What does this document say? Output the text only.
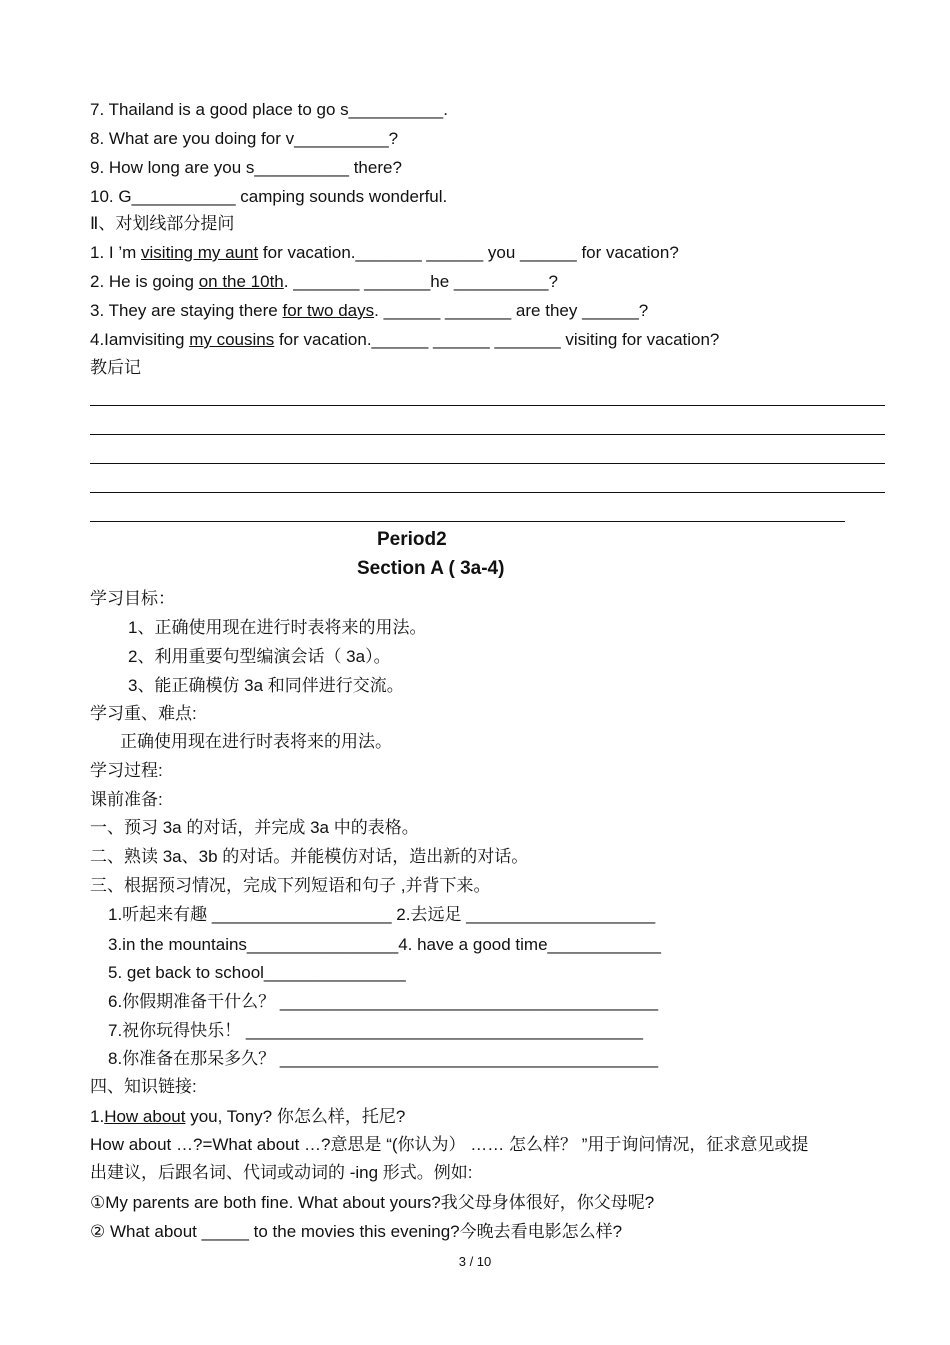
7. Thailand is a good place to go s__________.
8. What are you doing for v__________?
9. How long are you s__________ there?
10. G___________ camping sounds wonderful.
Ⅱ、对划线部分提问
1. I ’m visiting my aunt for vacation._______ ______ you ______ for vacation?
2. He is going on the 10th. _______ _______he __________?
3. They are staying there for two days. ______ _______ are they ______?
4.Iamvisiting my cousins for vacation.______ ______ _______ visiting for vacation?
教后记
Period2
Section A ( 3a-4)
学习目标：
1、正确使用现在进行时表将来的用法。
2、利用重要句型编演会话（ 3a）。
3、能正确模仿 3a 和同伴进行交流。
学习重、难点:
正确使用现在进行时表将来的用法。
学习过程:
课前准备:
一、预习 3a 的对话，并完成 3a 中的表格。
二、熟读 3a、3b 的对话。并能模仿对话，造出新的对话。
三、根据预习情况，完成下列短语和句子 ,并背下来。
1.听起来有趣 ___________________ 2.去远足 ____________________
3.in the mountains________________4. have a good time____________
5. get back to school_______________
6.你假期准备干什么？ ________________________________________
7.祝你玩得快乐！ __________________________________________
8.你准备在那呆多久？ ________________________________________
四、知识链接:
1.How about you, Tony? 你怎么样，托尼?
How about …?=What about …?意思是 “(你认为） …… 怎么样？ ”用于询问情况，征求意见或提
出建议，后跟名词、代词或动词的 -ing 形式。例如:
①My parents are both fine. What about yours?我父母身体很好，你父母呢?
② What about _____ to the movies this evening?今晚去看电影怎么样?
3 / 10
